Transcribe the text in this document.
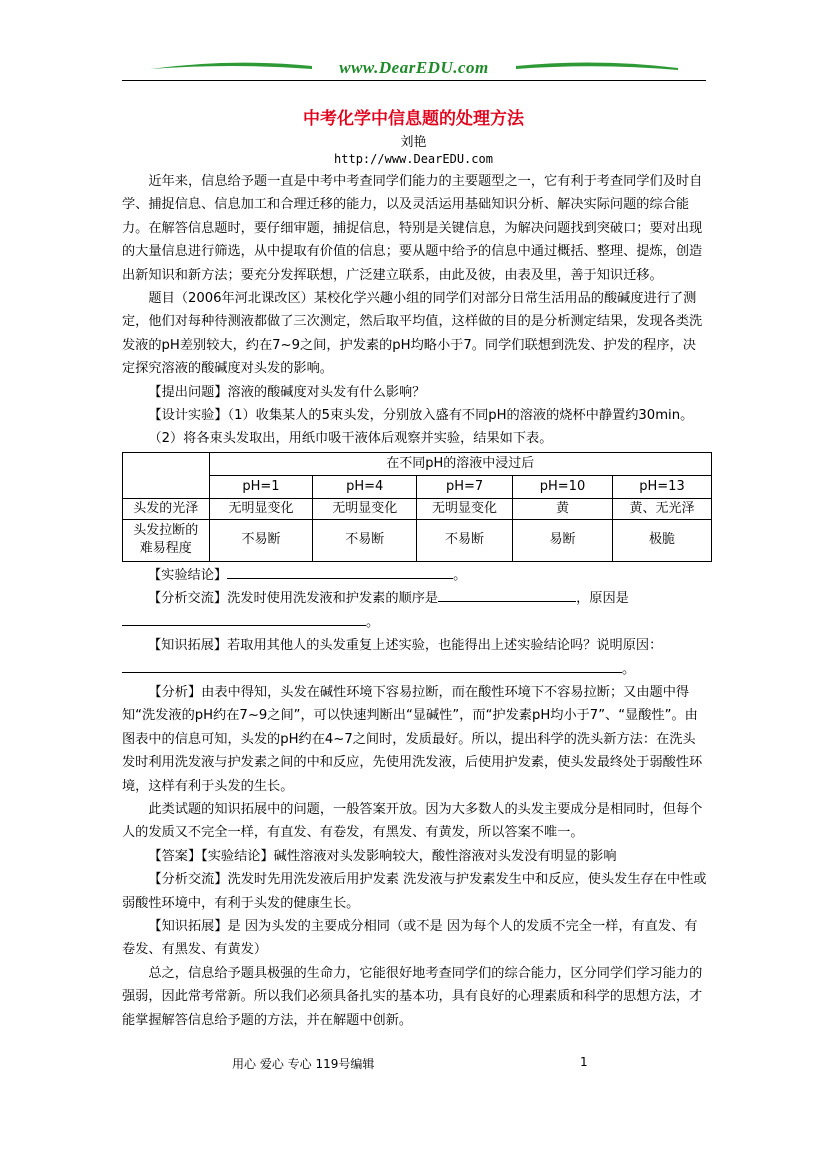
www.DearEDU.com
中考化学中信息题的处理方法
刘艳
http://www.DearEDU.com

近年来，信息给予题一直是中考中考查同学们能力的主要题型之一，它有利于考查同学们及时自学、捕捉信息、信息加工和合理迁移的能力，以及灵活运用基础知识分析、解决实际问题的综合能力。在解答信息题时，要仔细审题，捕捉信息，特别是关键信息，为解决问题找到突破口；要对出现的大量信息进行筛选，从中提取有价值的信息；要从题中给予的信息中通过概括、整理、提炼，创造出新知识和新方法；要充分发挥联想，广泛建立联系，由此及彼，由表及里，善于知识迁移。

题目（2006年河北课改区）某校化学兴趣小组的同学们对部分日常生活用品的酸碱度进行了测定，他们对每种待测液都做了三次测定，然后取平均值，这样做的目的是分析测定结果，发现各类洗发液的pH差别较大，约在7~9之间，护发素的pH均略小于7。同学们联想到洗发、护发的程序，决定探究溶液的酸碱度对头发的影响。

【提出问题】溶液的酸碱度对头发有什么影响？

【设计实验】（1）收集某人的5束头发，分别放入盛有不同pH的溶液的烧杯中静置约30min。

（2）将各束头发取出，用纸巾吸干液体后观察并实验，结果如下表。

	在不同pH的溶液中浸过后				
	pH=1	pH=4	pH=7	pH=10	pH=13
头发的光泽	无明显变化	无明显变化	无明显变化	黄	黄、无光泽

头发拉断的
难易程度	不易断	不易断	不易断	易断	极脆

【实验结论】	。

【分析交流】洗发时使用洗发液和护发素的顺序是	，原因是

。

【知识拓展】若取用其他人的头发重复上述实验，也能得出上述实验结论吗？说明原因：

。

【分析】由表中得知，头发在碱性环境下容易拉断，而在酸性环境下不容易拉断；又由题中得知“洗发液的pH约在7~9之间”，可以快速判断出“显碱性”，而“护发素pH均小于7”、“显酸性”。由图表中的信息可知，头发的pH约在4~7之间时，发质最好。所以，提出科学的洗头新方法：在洗头发时利用洗发液与护发素之间的中和反应，先使用洗发液，后使用护发素，使头发最终处于弱酸性环境，这样有利于头发的生长。

此类试题的知识拓展中的问题，一般答案开放。因为大多数人的头发主要成分是相同时，但每个人的发质又不完全一样，有直发、有卷发，有黑发、有黄发，所以答案不唯一。

【答案】【实验结论】碱性溶液对头发影响较大，酸性溶液对头发没有明显的影响

【分析交流】洗发时先用洗发液后用护发素 洗发液与护发素发生中和反应，使头发生存在中性或弱酸性环境中，有利于头发的健康生长。

【知识拓展】是 因为头发的主要成分相同（或不是 因为每个人的发质不完全一样，有直发、有卷发、有黑发、有黄发）

总之，信息给予题具极强的生命力，它能很好地考查同学们的综合能力，区分同学们学习能力的强弱，因此常考常新。所以我们必须具备扎实的基本功，具有良好的心理素质和科学的思想方法，才能掌握解答信息给予题的方法，并在解题中创新。

用心 爱心 专心 119号编辑	1
